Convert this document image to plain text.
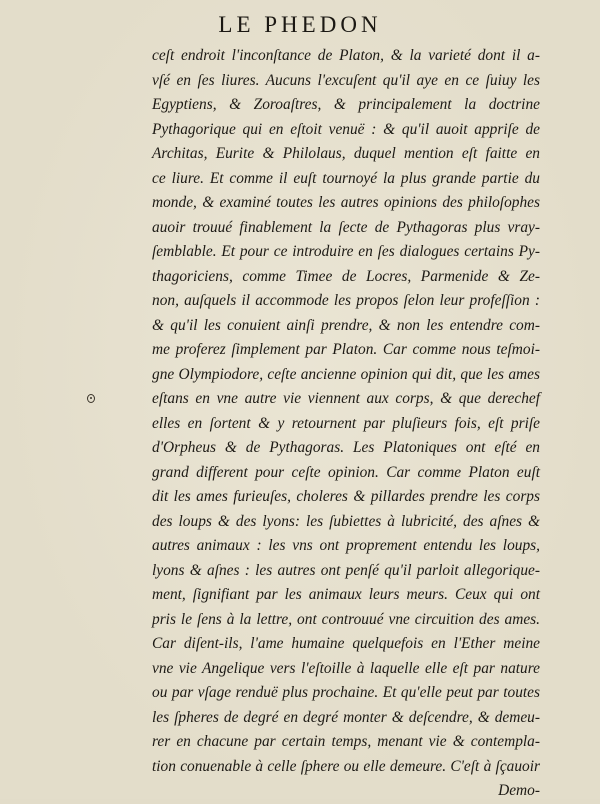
LE PHEDON
ceſt endroit l'inconſtance de Platon, & la varieté dont il a-
vſé en ſes liures. Aucuns l'excuſent qu'il aye en ce ſuiuy les
Egyptiens, & Zoroaſtres, & principalement la doctrine
Pythagorique qui en eſtoit venuë : & qu'il auoit appriſe de
Architas, Eurite & Philolaus, duquel mention eſt faitte en
ce liure. Et comme il euſt tournoyé la plus grande partie du
monde, & examiné toutes les autres opinions des philoſophes
auoir trouué finablement la ſecte de Pythagoras plus vray-
ſemblable. Et pour ce introduire en ſes dialogues certains Py-
thagoriciens, comme Timee de Locres, Parmenide & Ze-
non, auſquels il accommode les propos ſelon leur profeſſion :
& qu'il les conuient ainſi prendre, & non les entendre com-
me proferez ſimplement par Platon. Car comme nous teſmoi-
gne Olympiodore, ceſte ancienne opinion qui dit, que les ames
eſtans en vne autre vie viennent aux corps, & que derechef
elles en ſortent & y retournent par pluſieurs fois, eſt priſe
d'Orpheus & de Pythagoras. Les Platoniques ont eſté en
grand different pour ceſte opinion. Car comme Platon euſt
dit les ames furieuſes, choleres & pillardes prendre les corps
des loups & des lyons: les ſubiettes à lubricité, des aſnes &
autres animaux : les vns ont proprement entendu les loups,
lyons & aſnes : les autres ont penſé qu'il parloit allegorique-
ment, ſignifiant par les animaux leurs meurs. Ceux qui ont
pris le ſens à la lettre, ont controuué vne circuition des ames.
Car diſent-ils, l'ame humaine quelquefois en l'Ether meine
vne vie Angelique vers l'eſtoille à laquelle elle eſt par nature
ou par vſage renduë plus prochaine. Et qu'elle peut par toutes
les ſpheres de degré en degré monter & deſcendre, & demeu-
rer en chacune par certain temps, menant vie & contempla-
tion conuenable à celle ſphere ou elle demeure. C'eſt à ſçauoir
Demo-
